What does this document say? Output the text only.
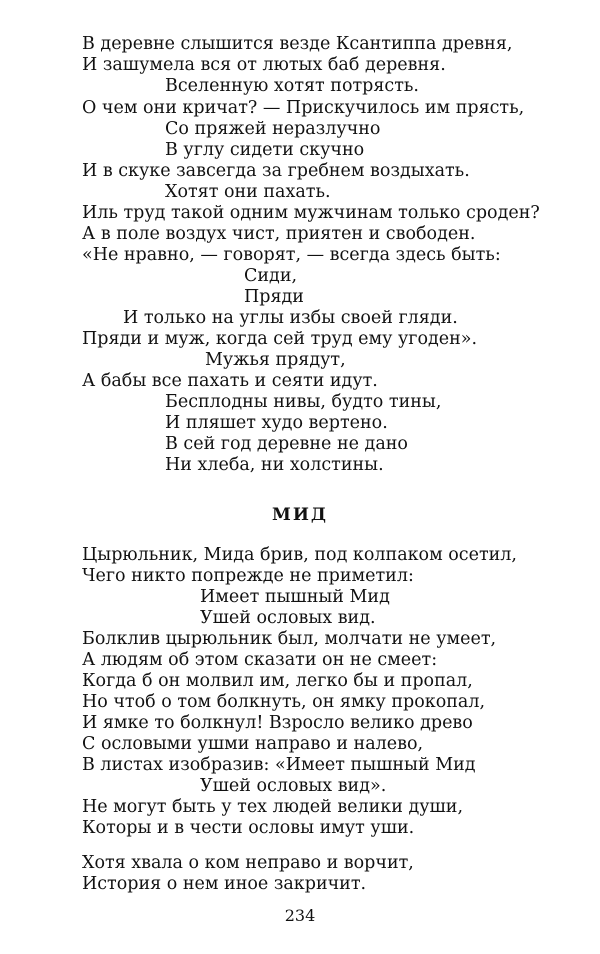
В деревне слышится везде Ксантиппа древня,
И зашумела вся от лютых баб деревня.
Вселенную хотят потрясть.
О чем они кричат? — Прискучилось им прясть,
Со пряжей неразлучно
В углу сидети скучно
И в скуке завсегда за гребнем воздыхать.
Хотят они пахать.
Иль труд такой одним мужчинам только сроден?
А в поле воздух чист, приятен и свободен.
«Не нравно, — говорят, — всегда здесь быть:
Сиди,
Пряди
И только на углы избы своей гляди.
Пряди и муж, когда сей труд ему угоден».
Мужья прядут,
А бабы все пахать и сеяти идут.
Бесплодны нивы, будто тины,
И пляшет худо вертено.
В сей год деревне не дано
Ни хлеба, ни холстины.
МИД
Цырюльник, Мида брив, под колпаком осетил,
Чего никто попрежде не приметил:
Имеет пышный Мид
Ушей ословых вид.
Болклив цырюльник был, молчати не умеет,
А людям об этом сказати он не смеет:
Когда б он молвил им, легко бы и пропал,
Но чтоб о том болкнуть, он ямку прокопал,
И ямке то болкнул! Взросло велико древо
С ословыми ушми направо и налево,
В листах изобразив: «Имеет пышный Мид
Ушей ословых вид».
Не могут быть у тех людей велики души,
Которы и в чести ословы имут уши.
Хотя хвала о ком неправо и ворчит,
История о нем иное закричит.
234
